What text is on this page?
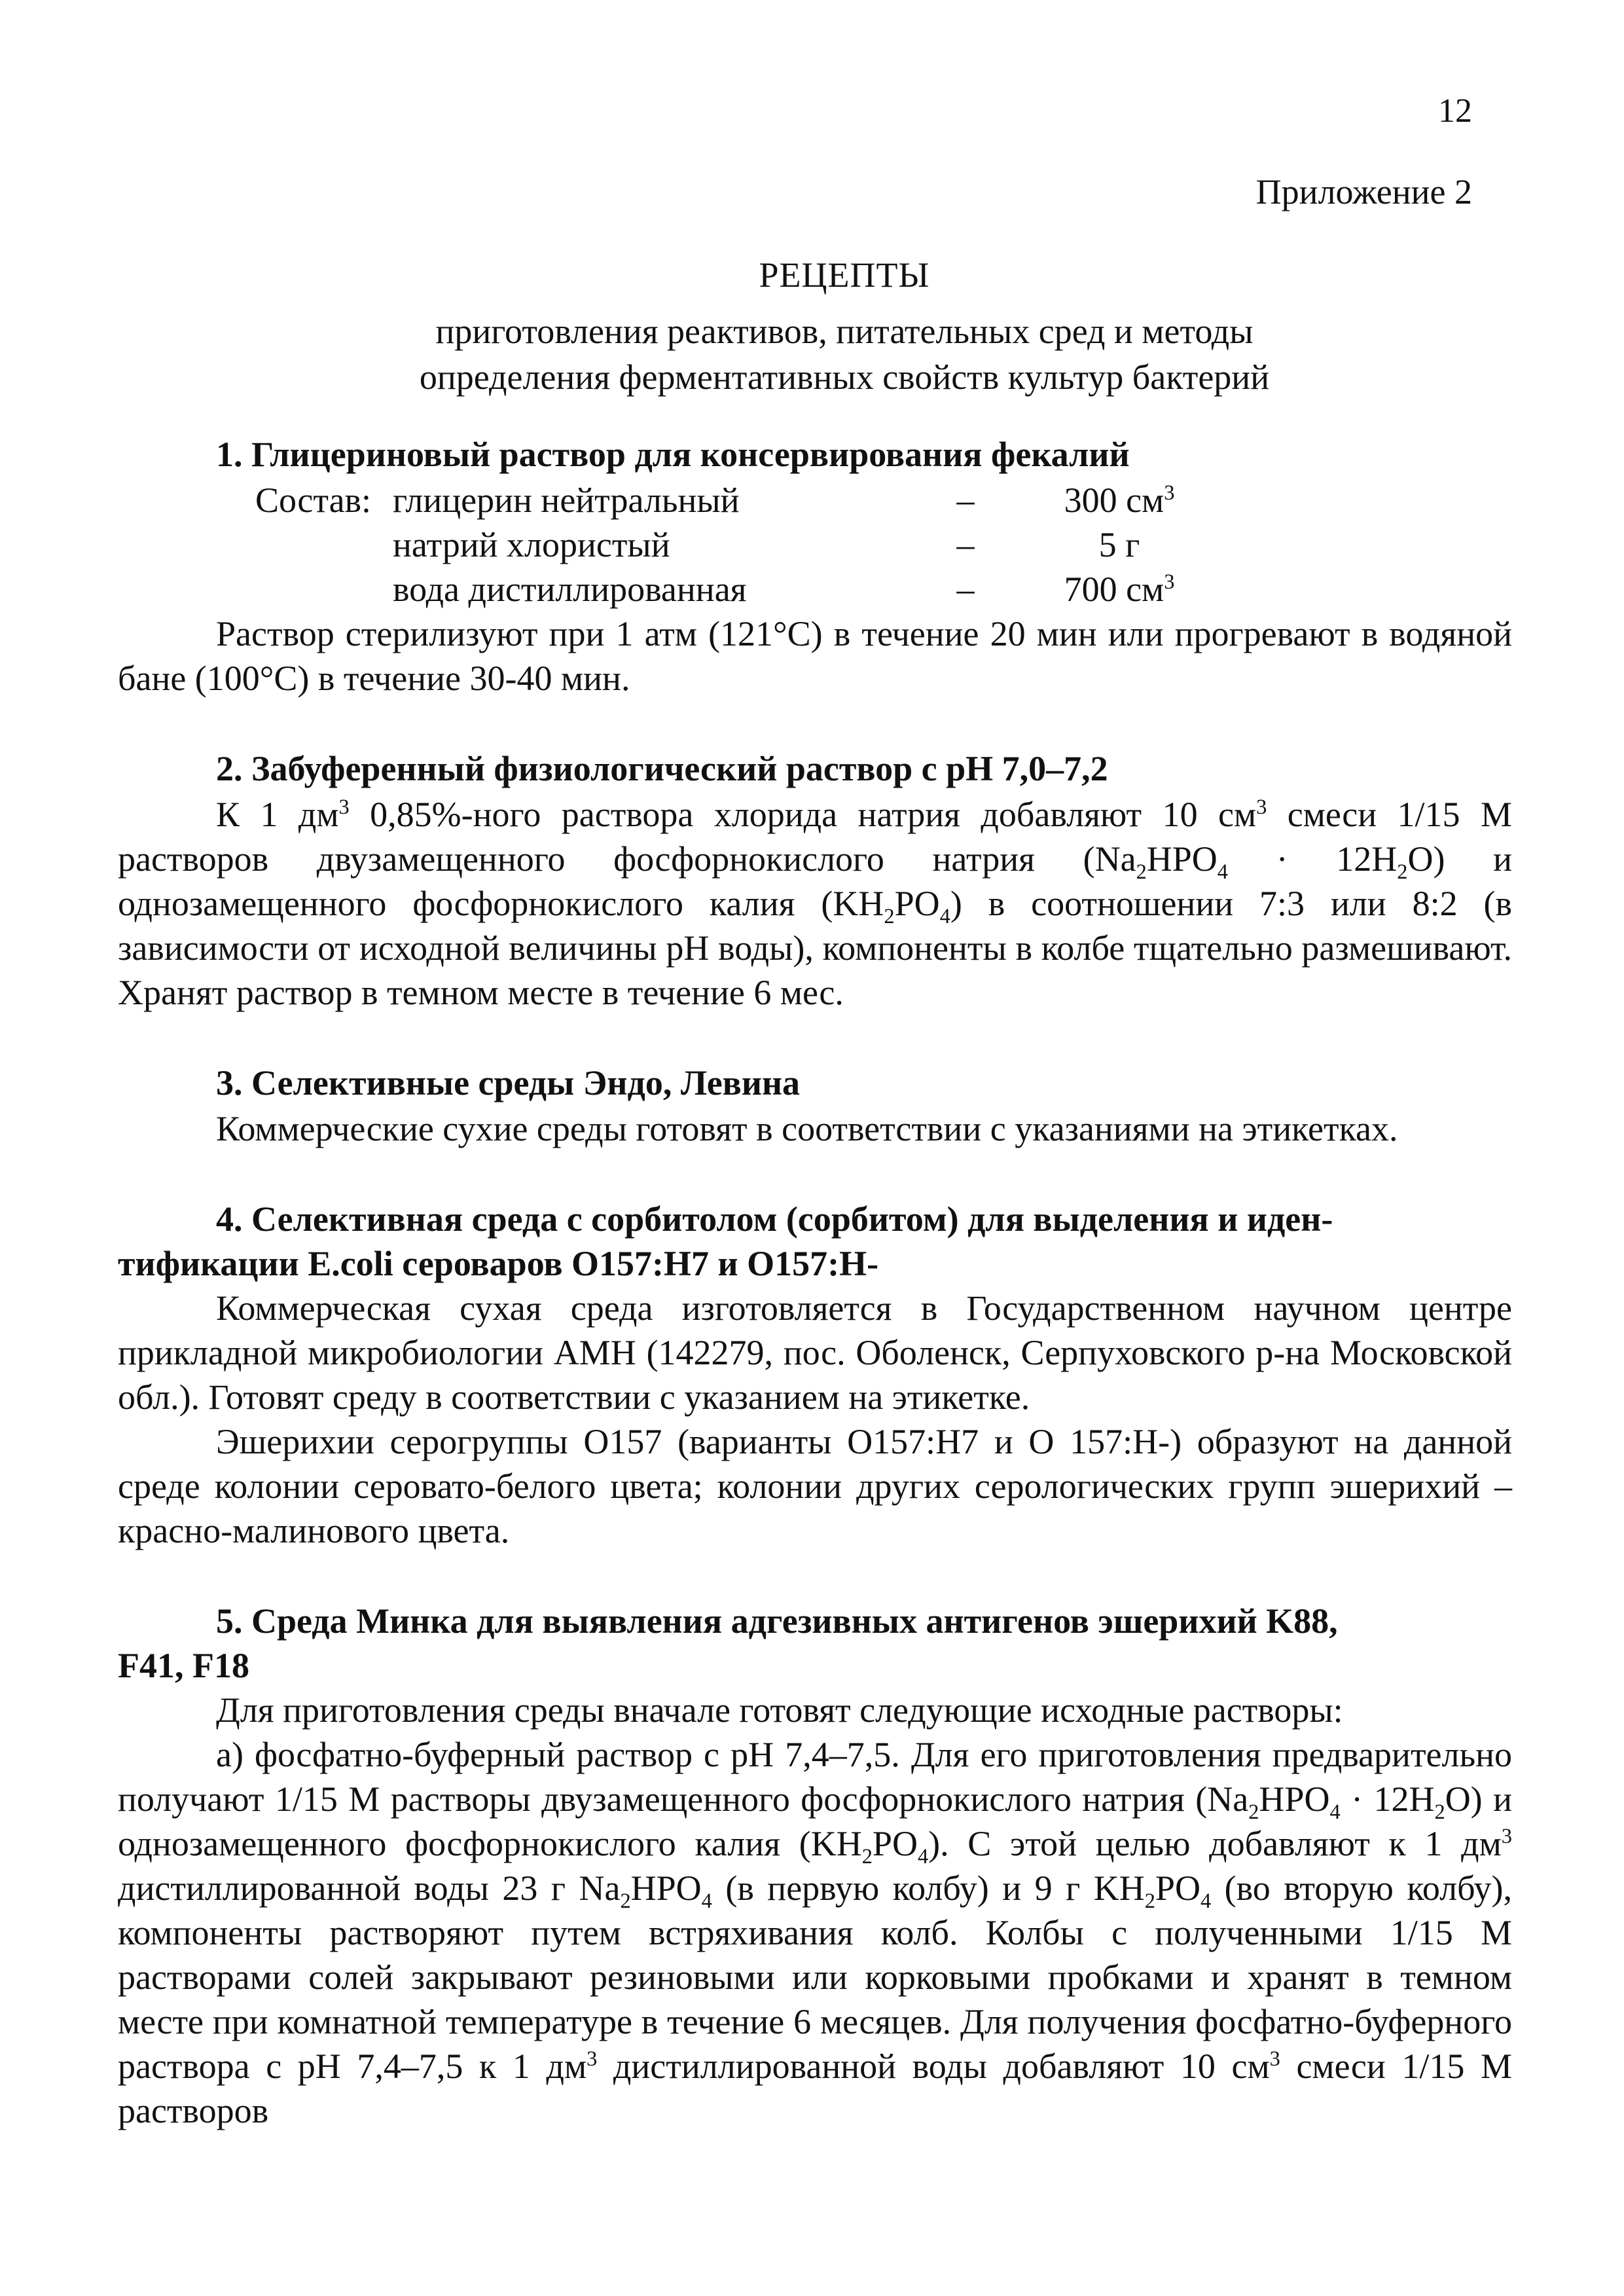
12
Приложение 2
РЕЦЕПТЫ
приготовления реактивов, питательных сред и методы
определения ферментативных свойств культур бактерий
1. Глицериновый раствор для консервирования фекалий
Состав:	глицерин нейтральный	–	300 $см^3$
	натрий хлористый	–	5 г
	вода дистиллированная	–	700 $см^3$

Раствор стерилизуют при 1 атм (121°С) в течение 20 мин или прогревают в водяной бане (100°С) в течение 30-40 мин.

2. Забуференный физиологический раствор с рН 7,0–7,2

К 1 $дм^3$ 0,85%-ного раствора хлорида натрия добавляют 10 $см^3$ смеси 1/15 М растворов двузамещенного фосфорнокислого натрия $(Na_2HPO_4 \cdot 12H_2O)$ и однозамещенного фосфорнокислого калия $(KH_2PO_4)$ в соотношении 7:3 или 8:2 (в зависимости от исходной величины рН воды), компоненты в колбе тщательно размешивают. Хранят раствор в темном месте в течение 6 мес.

3. Селективные среды Эндо, Левина

Коммерческие сухие среды готовят в соответствии с указаниями на этикетках.

4. Селективная среда с сорбитолом (сорбитом) для выделения и иден-
тификации E.coli сероваров O157:H7 и O157:H-

Коммерческая сухая среда изготовляется в Государственном научном центре прикладной микробиологии АМН (142279, пос. Оболенск, Серпуховского р-на Московской обл.). Готовят среду в соответствии с указанием на этикетке.

Эшерихии серогруппы O157 (варианты O157:H7 и О 157:H-) образуют на данной среде колонии серовато-белого цвета; колонии других серологических групп эшерихий – красно-малинового цвета.

5. Среда Минка для выявления адгезивных антигенов эшерихий K88,
F41, F18

Для приготовления среды вначале готовят следующие исходные растворы:

а) фосфатно-буферный раствор с рН 7,4–7,5. Для его приготовления предварительно получают 1/15 М растворы двузамещенного фосфорнокислого натрия $(Na_2HPO_4 \cdot 12H_2O)$ и однозамещенного фосфорнокислого калия $(KH_2PO_4)$. С этой целью добавляют к 1 $дм^3$ дистиллированной воды 23 г $Na_2HPO_4$ (в первую колбу) и 9 г $KH_2PO_4$ (во вторую колбу), компоненты растворяют путем встряхивания колб. Колбы с полученными 1/15 М растворами солей закрывают резиновыми или корковыми пробками и хранят в темном месте при комнатной температуре в течение 6 месяцев. Для получения фосфатно-буферного раствора с рН 7,4–7,5 к 1 $дм^3$ дистиллированной воды добавляют 10 $см^3$ смеси 1/15 М растворов
